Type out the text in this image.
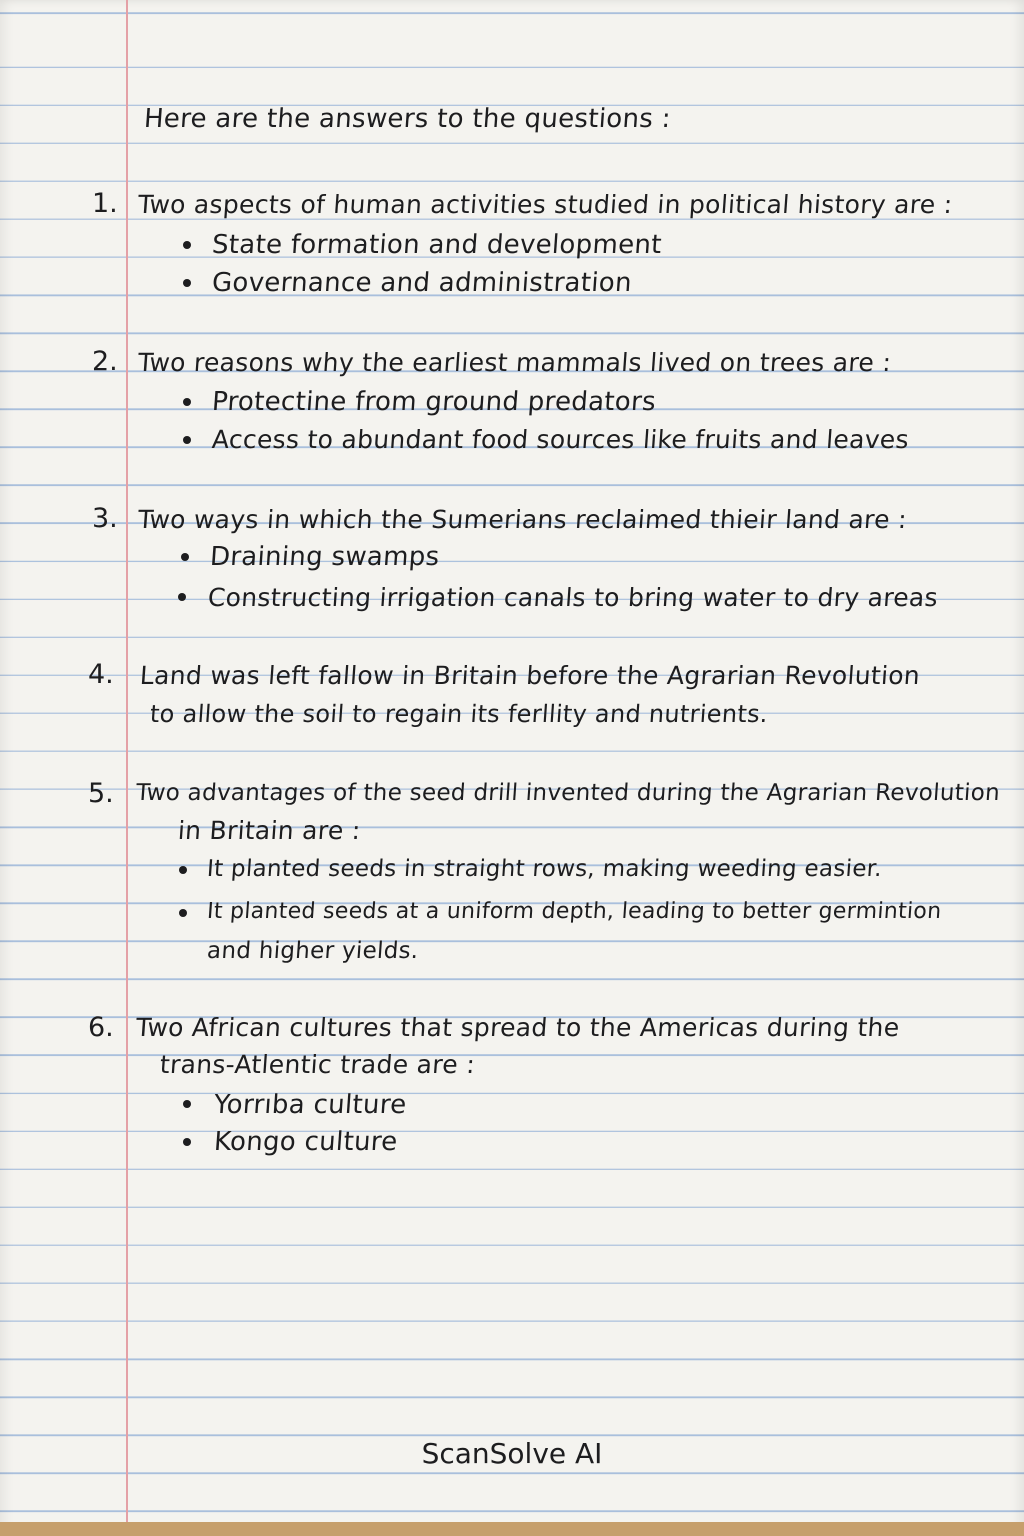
Here are the answers to the questions :
1. Two aspects of human activities studied in political history are :
State formation and development
Governance and administration
2. Two reasons why the earliest mammals lived on trees are :
Protectine from ground predators
Access to abundant food sources like fruits and leaves
3. Two ways in which the Sumerians reclaimed thieir land are :
Draining swamps
Constructing irrigation canals to bring water to dry areas
4. Land was left fallow in Britain before the Agrarian Revolution
to allow the soil to regain its ferllity and nutrients.
5. Two advantages of the seed drill invented during the Agrarian Revolution
in Britain are :
It planted seeds in straight rows, making weeding easier.
It planted seeds at a uniform depth, leading to better germintion
and higher yields.
6. Two African cultures that spread to the Americas during the
trans-Atlentic trade are :
Yorrıba culture
Kongo culture
ScanSolve AI
